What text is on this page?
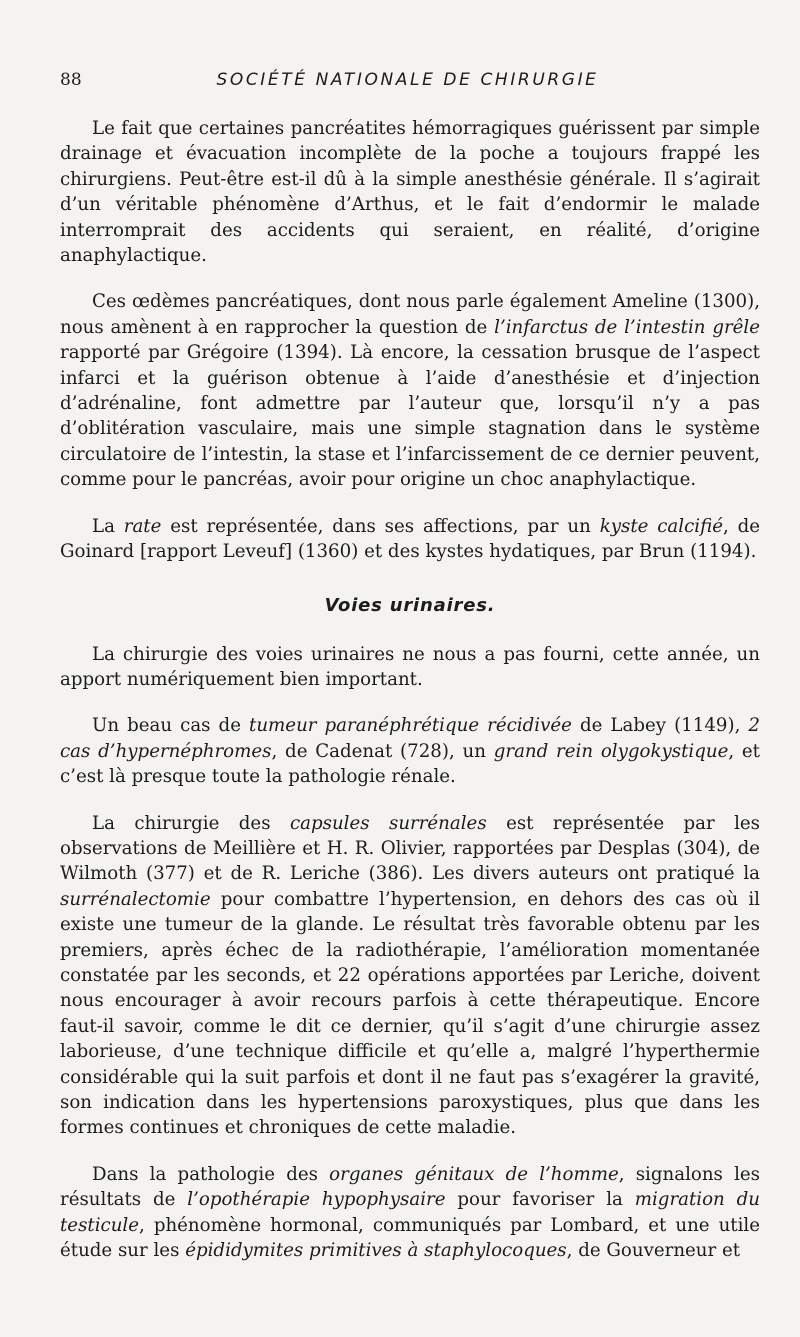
88	SOCIÉTÉ NATIONALE DE CHIRURGIE

Le fait que certaines pancréatites hémorragiques guérissent par simple drainage et évacuation incomplète de la poche a toujours frappé les chirurgiens. Peut-être est-il dû à la simple anesthésie générale. Il s’agirait d’un véritable phénomène d’Arthus, et le fait d’endormir le malade interromprait des accidents qui seraient, en réalité, d’origine anaphylactique.

Ces œdèmes pancréatiques, dont nous parle également Ameline (1300), nous amènent à en rapprocher la question de l’infarctus de l’intestin grêle rapporté par Grégoire (1394). Là encore, la cessation brusque de l’aspect infarci et la guérison obtenue à l’aide d’anesthésie et d’injection d’adrénaline, font admettre par l’auteur que, lorsqu’il n’y a pas d’oblitération vasculaire, mais une simple stagnation dans le système circulatoire de l’intestin, la stase et l’infarcissement de ce dernier peuvent, comme pour le pancréas, avoir pour origine un choc anaphylactique.

La rate est représentée, dans ses affections, par un kyste calcifié, de Goinard [rapport Leveuf] (1360) et des kystes hydatiques, par Brun (1194).

Voies urinaires.

La chirurgie des voies urinaires ne nous a pas fourni, cette année, un apport numériquement bien important.

Un beau cas de tumeur paranéphrétique récidivée de Labey (1149), 2 cas d’hypernéphromes, de Cadenat (728), un grand rein olygokystique, et c’est là presque toute la pathologie rénale.

La chirurgie des capsules surrénales est représentée par les observations de Meillière et H. R. Olivier, rapportées par Desplas (304), de Wilmoth (377) et de R. Leriche (386). Les divers auteurs ont pratiqué la surrénalectomie pour combattre l’hypertension, en dehors des cas où il existe une tumeur de la glande. Le résultat très favorable obtenu par les premiers, après échec de la radiothérapie, l’amélioration momentanée constatée par les seconds, et 22 opérations apportées par Leriche, doivent nous encourager à avoir recours parfois à cette thérapeutique. Encore faut-il savoir, comme le dit ce dernier, qu’il s’agit d’une chirurgie assez laborieuse, d’une technique difficile et qu’elle a, malgré l’hyperthermie considérable qui la suit parfois et dont il ne faut pas s’exagérer la gravité, son indication dans les hypertensions paroxystiques, plus que dans les formes continues et chroniques de cette maladie.

Dans la pathologie des organes génitaux de l’homme, signalons les résultats de l’opothérapie hypophysaire pour favoriser la migration du testicule, phénomène hormonal, communiqués par Lombard, et une utile étude sur les épididymites primitives à staphylocoques, de Gouverneur et
